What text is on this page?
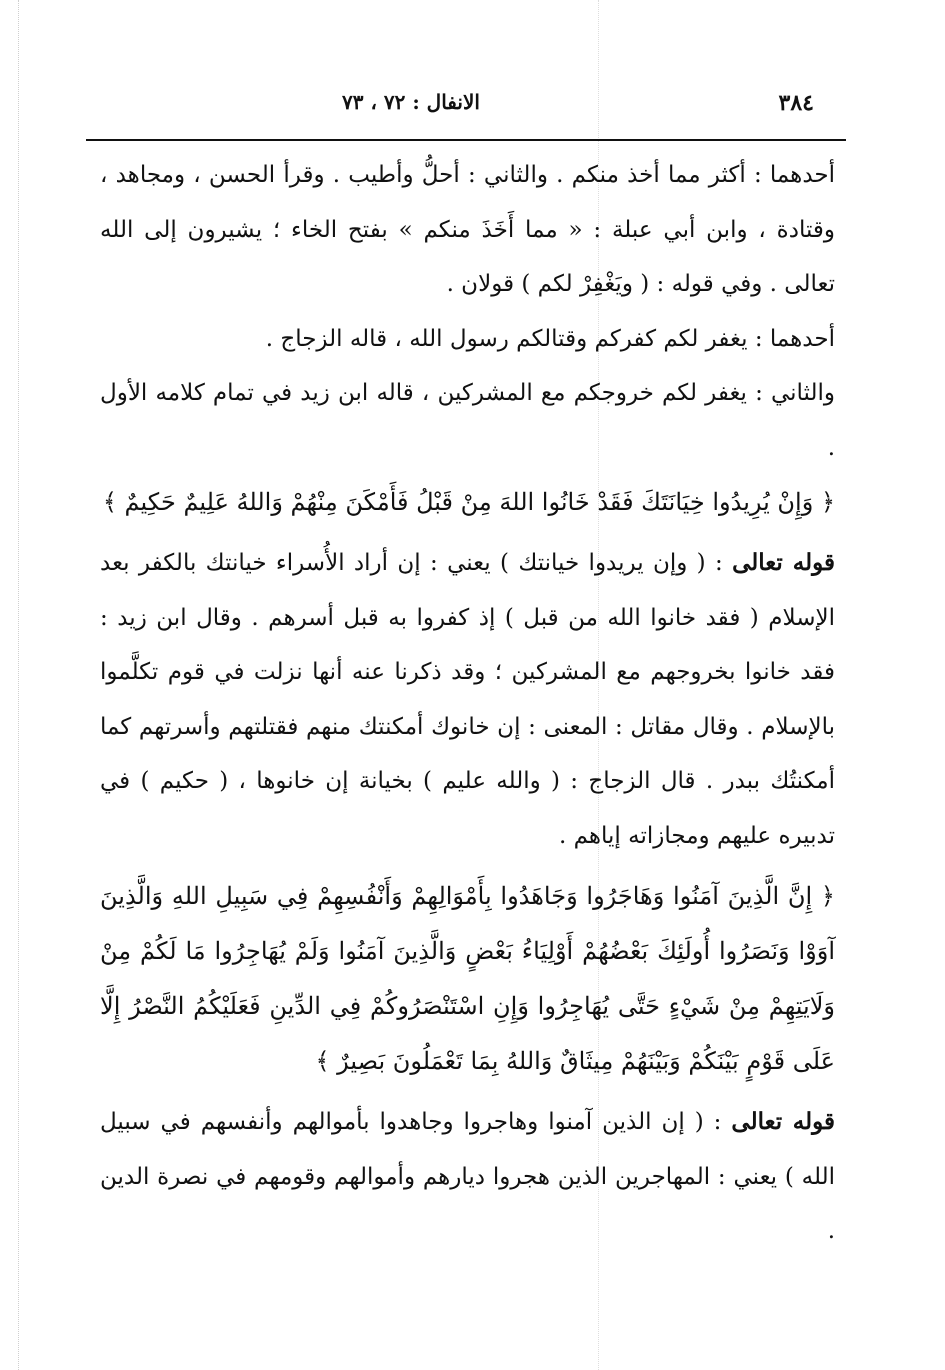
٣٨٤
الانفال : ٧٢ ، ٧٣

أحدهما : أكثر مما أخذ منكم . والثاني : أحلُّ وأطيب . وقرأ الحسن ، ومجاهد ، وقتادة ، وابن أبي عبلة : « مما أَخَذَ منكم » بفتح الخاء ؛ يشيرون إلى الله تعالى . وفي قوله : ( ويَغْفِرْ لكم ) قولان .

أحدهما : يغفر لكم كفركم وقتالكم رسول الله ، قاله الزجاج .

والثاني : يغفر لكم خروجكم مع المشركين ، قاله ابن زيد في تمام كلامه الأول .

﴿ وَإِنْ يُرِيدُوا خِيَانَتَكَ فَقَدْ خَانُوا اللهَ مِنْ قَبْلُ فَأَمْكَنَ مِنْهُمْ وَاللهُ عَلِيمٌ حَكِيمٌ ﴾

قوله تعالى : ( وإن يريدوا خيانتك ) يعني : إن أراد الأُسراء خيانتك بالكفر بعد الإسلام ( فقد خانوا الله من قبل ) إذ كفروا به قبل أسرهم . وقال ابن زيد : فقد خانوا بخروجهم مع المشركين ؛ وقد ذكرنا عنه أنها نزلت في قوم تكلَّموا بالإسلام . وقال مقاتل : المعنى : إن خانوك أمكنتك منهم فقتلتهم وأسرتهم كما أمكنتُك ببدر . قال الزجاج : ( والله عليم ) بخيانة إن خانوها ، ( حكيم ) في تدبيره عليهم ومجازاته إياهم .

﴿ إِنَّ الَّذِينَ آمَنُوا وَهَاجَرُوا وَجَاهَدُوا بِأَمْوَالِهِمْ وَأَنْفُسِهِمْ فِي سَبِيلِ اللهِ وَالَّذِينَ آوَوْا وَنَصَرُوا أُولَئِكَ بَعْضُهُمْ أَوْلِيَاءُ بَعْضٍ وَالَّذِينَ آمَنُوا وَلَمْ يُهَاجِرُوا مَا لَكُمْ مِنْ وَلَايَتِهِمْ مِنْ شَيْءٍ حَتَّى يُهَاجِرُوا وَإِنِ اسْتَنْصَرُوكُمْ فِي الدِّينِ فَعَلَيْكُمُ النَّصْرُ إِلَّا عَلَى قَوْمٍ بَيْنَكُمْ وَبَيْنَهُمْ مِيثَاقٌ وَاللهُ بِمَا تَعْمَلُونَ بَصِيرٌ ﴾

قوله تعالى : ( إن الذين آمنوا وهاجروا وجاهدوا بأموالهم وأنفسهم في سبيل الله ) يعني : المهاجرين الذين هجروا ديارهم وأموالهم وقومهم في نصرة الدين .
